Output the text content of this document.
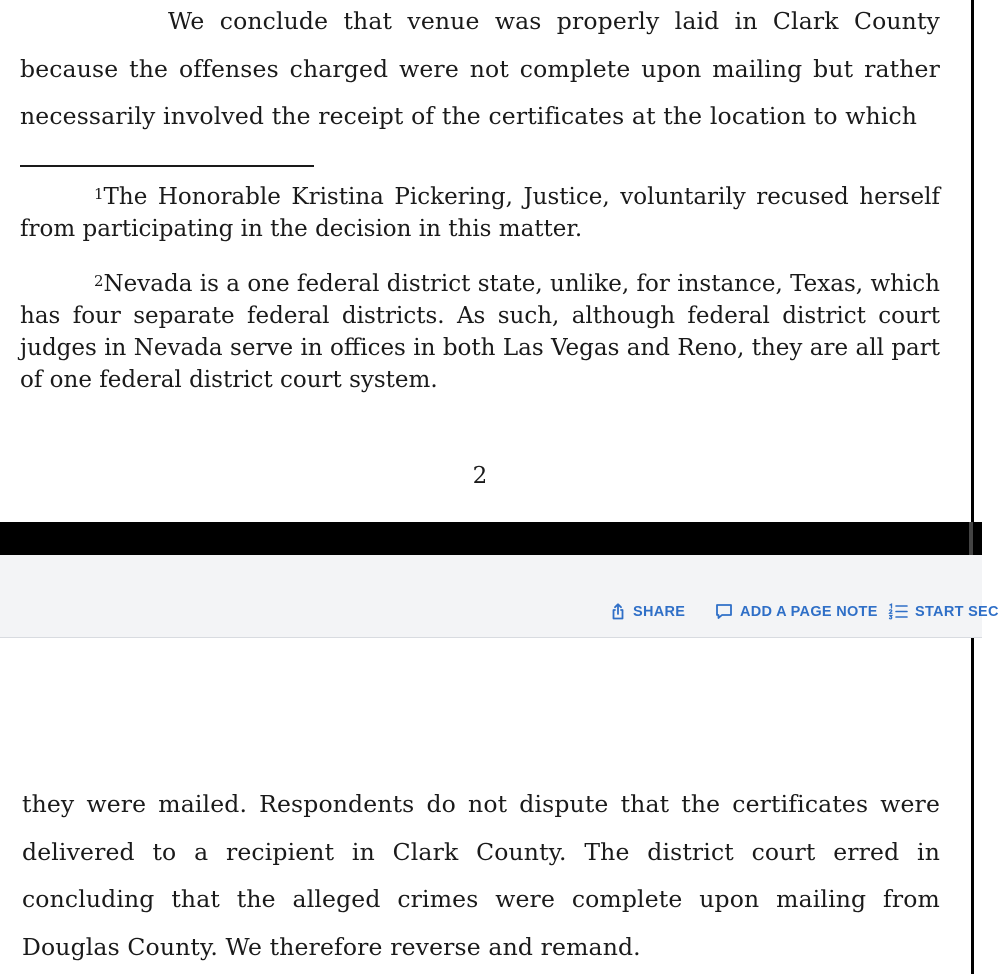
We conclude that venue was properly laid in Clark County because the offenses charged were not complete upon mailing but rather necessarily involved the receipt of the certificates at the location to which

$^1$The Honorable Kristina Pickering, Justice, voluntarily recused herself from participating in the decision in this matter.

$^2$Nevada is a one federal district state, unlike, for instance, Texas, which has four separate federal districts. As such, although federal district court judges in Nevada serve in offices in both Las Vegas and Reno, they are all part of one federal district court system.

2
SHARE	ADD A PAGE NOTE	START SEC

they were mailed. Respondents do not dispute that the certificates were delivered to a recipient in Clark County. The district court erred in concluding that the alleged crimes were complete upon mailing from Douglas County. We therefore reverse and remand.
